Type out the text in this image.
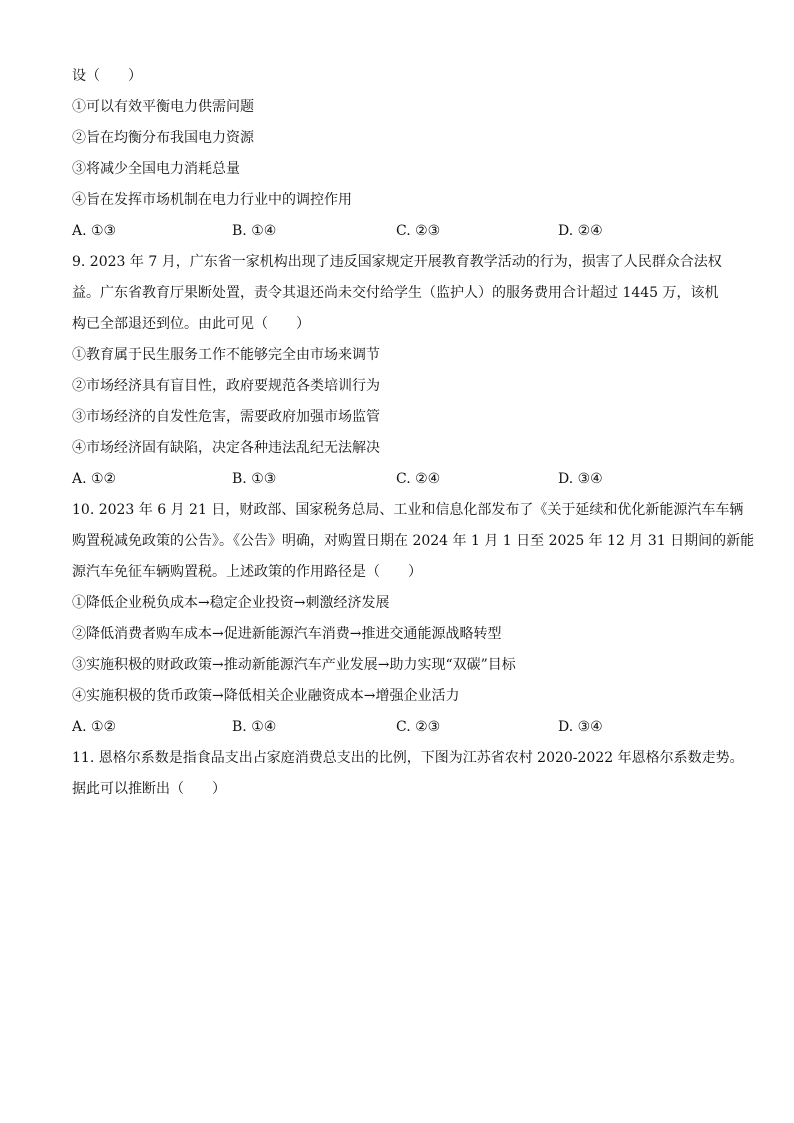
设（　　）
①可以有效平衡电力供需问题
②旨在均衡分布我国电力资源
③将减少全国电力消耗总量
④旨在发挥市场机制在电力行业中的调控作用
A. ①③	B. ①④	C. ②③	D. ②④
9. 2023 年 7 月，广东省一家机构出现了违反国家规定开展教育教学活动的行为，损害了人民群众合法权
益。广东省教育厅果断处置，责令其退还尚未交付给学生（监护人）的服务费用合计超过 1445 万，该机
构已全部退还到位。由此可见（　　）
①教育属于民生服务工作不能够完全由市场来调节
②市场经济具有盲目性，政府要规范各类培训行为
③市场经济的自发性危害，需要政府加强市场监管
④市场经济固有缺陷，决定各种违法乱纪无法解决
A. ①②	B. ①③	C. ②④	D. ③④
10. 2023 年 6 月 21 日，财政部、国家税务总局、工业和信息化部发布了《关于延续和优化新能源汽车车辆
购置税减免政策的公告》。《公告》明确，对购置日期在 2024 年 1 月 1 日至 2025 年 12 月 31 日期间的新能
源汽车免征车辆购置税。上述政策的作用路径是（　　）
①降低企业税负成本→稳定企业投资→刺激经济发展
②降低消费者购车成本→促进新能源汽车消费→推进交通能源战略转型
③实施积极的财政政策→推动新能源汽车产业发展→助力实现“双碳”目标
④实施积极的货币政策→降低相关企业融资成本→增强企业活力
A. ①②	B. ①④	C. ②③	D. ③④
11. 恩格尔系数是指食品支出占家庭消费总支出的比例，下图为江苏省农村 2020-2022 年恩格尔系数走势。
据此可以推断出（　　）
